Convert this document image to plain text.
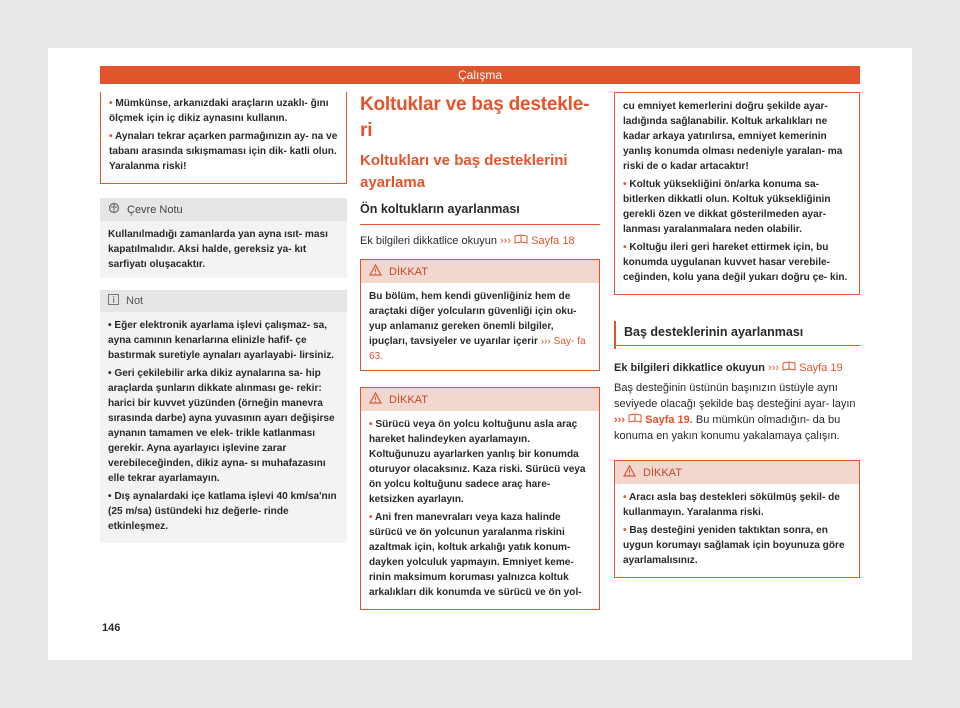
Çalışma

• Mümkünse, arkanızdaki araçların uzaklı- ğını ölçmek için iç dikiz aynasını kullanın.

• Aynaları tekrar açarken parmağınızın ay- na ve tabanı arasında sıkışmaması için dik- katli olun. Yaralanma riski!

Çevre Notu

Kullanılmadığı zamanlarda yan ayna ısıt- ması kapatılmalıdır. Aksi halde, gereksiz ya- kıt sarfiyatı oluşacaktır.

Not

• Eğer elektronik ayarlama işlevi çalışmaz- sa, ayna camının kenarlarına elinizle hafif- çe bastırmak suretiyle aynaları ayarlayabi- lirsiniz.

• Geri çekilebilir arka dikiz aynalarına sa- hip araçlarda şunların dikkate alınması ge- rekir: harici bir kuvvet yüzünden (örneğin manevra sırasında darbe) ayna yuvasının ayarı değişirse aynanın tamamen ve elek- trikle katlanması gerekir. Ayna ayarlayıcı işlevine zarar verebileceğinden, dikiz ayna- sı muhafazasını elle tekrar ayarlamayın.

• Dış aynalardaki içe katlama işlevi 40 km/sa'nın (25 m/sa) üstündeki hız değerle- rinde etkinleşmez.

Koltuklar ve baş destekle-
ri
Koltukları ve baş desteklerini
ayarlama
Ön koltukların ayarlanması

Ek bilgileri dikkatlice okuyun ››› Sayfa 18

DİKKAT

Bu bölüm, hem kendi güvenliğiniz hem de araçtaki diğer yolcuların güvenliği için oku- yup anlamanız gereken önemli bilgiler, ipuçları, tavsiyeler ve uyarılar içerir ››› Say- fa 63.

DİKKAT

• Sürücü veya ön yolcu koltuğunu asla araç hareket halindeyken ayarlamayın. Koltuğunuzu ayarlarken yanlış bir konumda oturuyor olacaksınız. Kaza riski. Sürücü veya ön yolcu koltuğunu sadece araç hare- ketsizken ayarlayın.

• Ani fren manevraları veya kaza halinde sürücü ve ön yolcunun yaralanma riskini azaltmak için, koltuk arkalığı yatık konum- dayken yolculuk yapmayın. Emniyet keme- rinin maksimum koruması yalnızca koltuk arkalıkları dik konumda ve sürücü ve ön yol-

cu emniyet kemerlerini doğru şekilde ayar- ladığında sağlanabilir. Koltuk arkalıkları ne kadar arkaya yatırılırsa, emniyet kemerinin yanlış konumda olması nedeniyle yaralan- ma riski de o kadar artacaktır!

• Koltuk yüksekliğini ön/arka konuma sa- bitlerken dikkatli olun. Koltuk yüksekliğinin gerekli özen ve dikkat gösterilmeden ayar- lanması yaralanmalara neden olabilir.

• Koltuğu ileri geri hareket ettirmek için, bu konumda uygulanan kuvvet hasar verebile- ceğinden, kolu yana değil yukarı doğru çe- kin.

Baş desteklerinin ayarlanması

Ek bilgileri dikkatlice okuyun ››› Sayfa 19

Baş desteğinin üstünün başınızın üstüyle aynı seviyede olacağı şekilde baş desteğini ayar- layın ››› Sayfa 19. Bu mümkün olmadığın- da bu konuma en yakın konumu yakalamaya çalışın.

DİKKAT

• Aracı asla baş destekleri sökülmüş şekil- de kullanmayın. Yaralanma riski.

• Baş desteğini yeniden taktıktan sonra, en uygun korumayı sağlamak için boyunuza göre ayarlamalısınız.

146
